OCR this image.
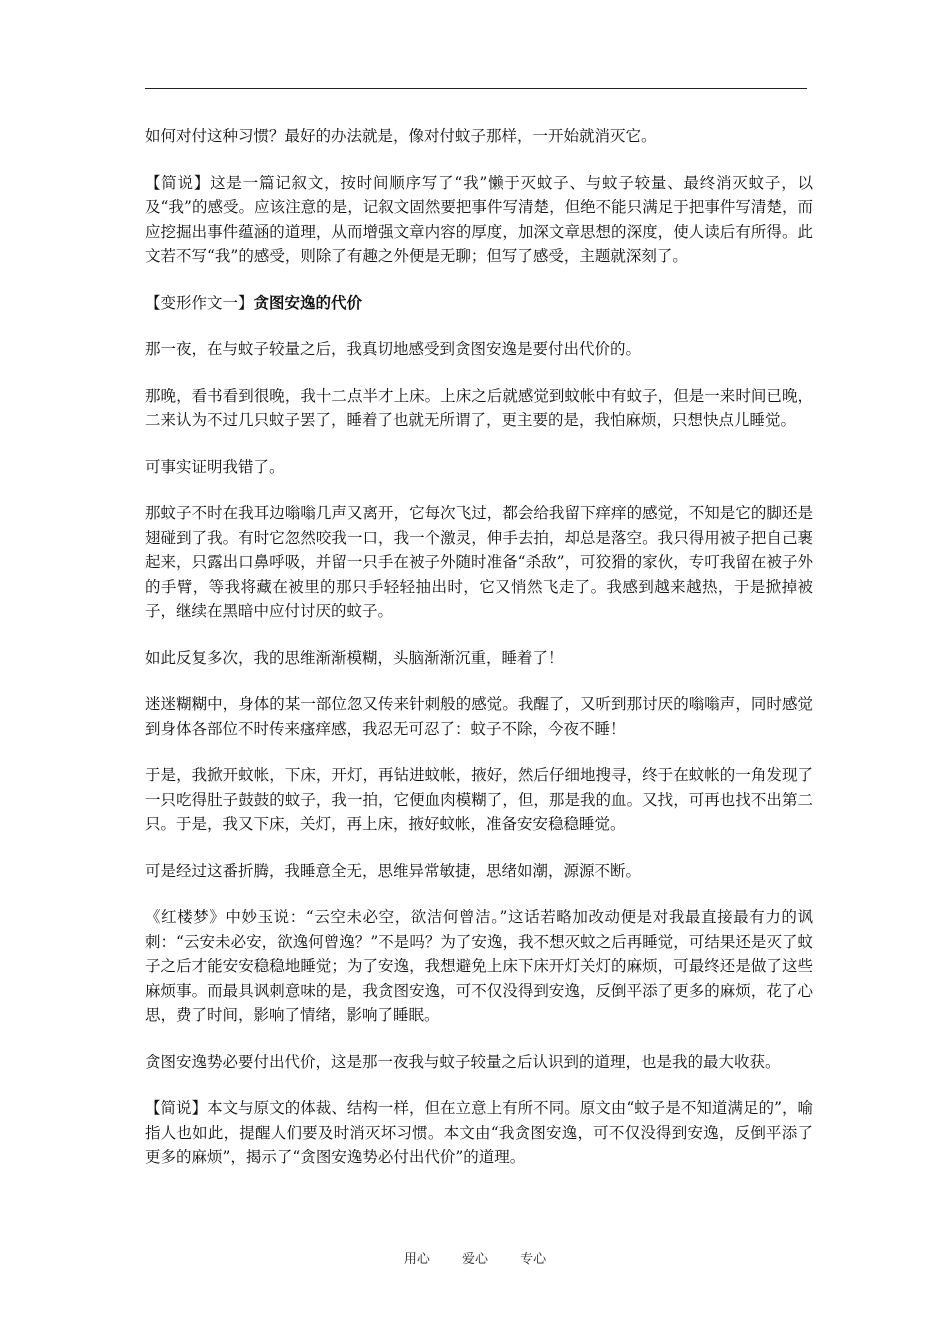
如何对付这种习惯？最好的办法就是，像对付蚊子那样，一开始就消灭它。

【简说】这是一篇记叙文，按时间顺序写了“我”懒于灭蚊子、与蚊子较量、最终消灭蚊子，以及“我”的感受。应该注意的是，记叙文固然要把事件写清楚，但绝不能只满足于把事件写清楚，而应挖掘出事件蕴涵的道理，从而增强文章内容的厚度，加深文章思想的深度，使人读后有所得。此文若不写“我”的感受，则除了有趣之外便是无聊；但写了感受，主题就深刻了。

【变形作文一】贪图安逸的代价

那一夜，在与蚊子较量之后，我真切地感受到贪图安逸是要付出代价的。

那晚，看书看到很晚，我十二点半才上床。上床之后就感觉到蚊帐中有蚊子，但是一来时间已晚，二来认为不过几只蚊子罢了，睡着了也就无所谓了，更主要的是，我怕麻烦，只想快点儿睡觉。

可事实证明我错了。

那蚊子不时在我耳边嗡嗡几声又离开，它每次飞过，都会给我留下痒痒的感觉，不知是它的脚还是翅碰到了我。有时它忽然咬我一口，我一个激灵，伸手去拍，却总是落空。我只得用被子把自己裹起来，只露出口鼻呼吸，并留一只手在被子外随时准备“杀敌”，可狡猾的家伙，专叮我留在被子外的手臂，等我将藏在被里的那只手轻轻抽出时，它又悄然飞走了。我感到越来越热，于是掀掉被子，继续在黑暗中应付讨厌的蚊子。

如此反复多次，我的思维渐渐模糊，头脑渐渐沉重，睡着了！

迷迷糊糊中，身体的某一部位忽又传来针刺般的感觉。我醒了，又听到那讨厌的嗡嗡声，同时感觉到身体各部位不时传来瘙痒感，我忍无可忍了：蚊子不除，今夜不睡！

于是，我掀开蚊帐，下床，开灯，再钻进蚊帐，掖好，然后仔细地搜寻，终于在蚊帐的一角发现了一只吃得肚子鼓鼓的蚊子，我一拍，它便血肉模糊了，但，那是我的血。又找，可再也找不出第二只。于是，我又下床，关灯，再上床，掖好蚊帐，准备安安稳稳睡觉。

可是经过这番折腾，我睡意全无，思维异常敏捷，思绪如潮，源源不断。

《红楼梦》中妙玉说：“云空未必空，欲洁何曾洁。”这话若略加改动便是对我最直接最有力的讽刺：“云安未必安，欲逸何曾逸？”不是吗？为了安逸，我不想灭蚊之后再睡觉，可结果还是灭了蚊子之后才能安安稳稳地睡觉；为了安逸，我想避免上床下床开灯关灯的麻烦，可最终还是做了这些麻烦事。而最具讽刺意味的是，我贪图安逸，可不仅没得到安逸，反倒平添了更多的麻烦，花了心思，费了时间，影响了情绪，影响了睡眠。

贪图安逸势必要付出代价，这是那一夜我与蚊子较量之后认识到的道理，也是我的最大收获。

【简说】本文与原文的体裁、结构一样，但在立意上有所不同。原文由“蚊子是不知道满足的”，喻指人也如此，提醒人们要及时消灭坏习惯。本文由“我贪图安逸，可不仅没得到安逸，反倒平添了更多的麻烦”，揭示了“贪图安逸势必付出代价”的道理。

用心 爱心 专心
